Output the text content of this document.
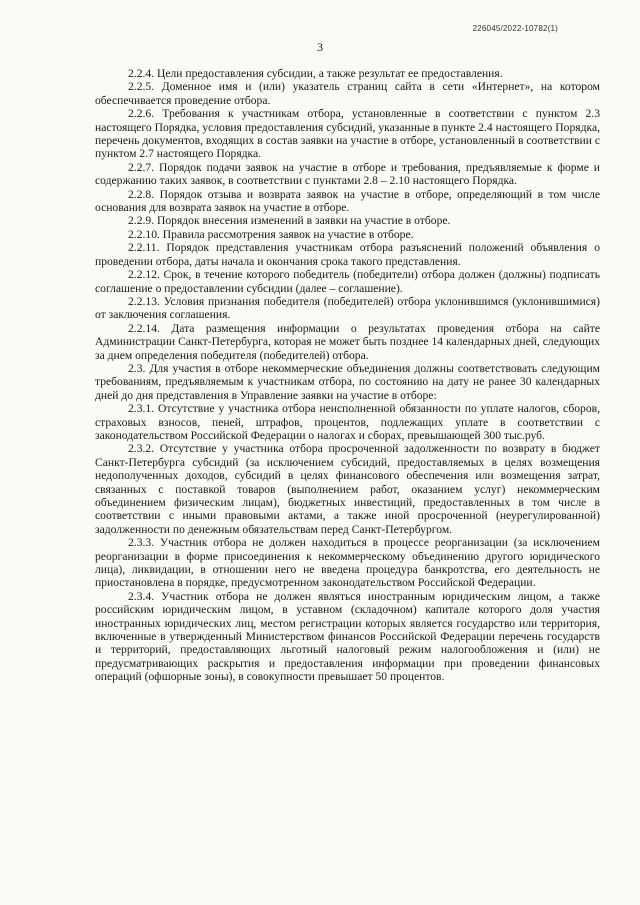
226045/2022-10782(1)
3

2.2.4. Цели предоставления субсидии, а также результат ее предоставления.

2.2.5. Доменное имя и (или) указатель страниц сайта в сети «Интернет», на котором обеспечивается проведение отбора.

2.2.6. Требования к участникам отбора, установленные в соответствии с пунктом 2.3 настоящего Порядка, условия предоставления субсидий, указанные в пункте 2.4 настоящего Порядка, перечень документов, входящих в состав заявки на участие в отборе, установленный в соответствии с пунктом 2.7 настоящего Порядка.

2.2.7. Порядок подачи заявок на участие в отборе и требования, предъявляемые к форме и содержанию таких заявок, в соответствии с пунктами 2.8 – 2.10 настоящего Порядка.

2.2.8. Порядок отзыва и возврата заявок на участие в отборе, определяющий в том числе основания для возврата заявок на участие в отборе.

2.2.9. Порядок внесения изменений в заявки на участие в отборе.

2.2.10. Правила рассмотрения заявок на участие в отборе.

2.2.11. Порядок представления участникам отбора разъяснений положений объявления о проведении отбора, даты начала и окончания срока такого представления.

2.2.12. Срок, в течение которого победитель (победители) отбора должен (должны) подписать соглашение о предоставлении субсидии (далее – соглашение).

2.2.13. Условия признания победителя (победителей) отбора уклонившимся (уклонившимися) от заключения соглашения.

2.2.14. Дата размещения информации о результатах проведения отбора на сайте Администрации Санкт-Петербурга, которая не может быть позднее 14 календарных дней, следующих за днем определения победителя (победителей) отбора.

2.3. Для участия в отборе некоммерческие объединения должны соответствовать следующим требованиям, предъявляемым к участникам отбора, по состоянию на дату не ранее 30 календарных дней до дня представления в Управление заявки на участие в отборе:

2.3.1. Отсутствие у участника отбора неисполненной обязанности по уплате налогов, сборов, страховых взносов, пеней, штрафов, процентов, подлежащих уплате в соответствии с законодательством Российской Федерации о налогах и сборах, превышающей 300 тыс.руб.

2.3.2. Отсутствие у участника отбора просроченной задолженности по возврату в бюджет Санкт-Петербурга субсидий (за исключением субсидий, предоставляемых в целях возмещения недополученных доходов, субсидий в целях финансового обеспечения или возмещения затрат, связанных с поставкой товаров (выполнением работ, оказанием услуг) некоммерческим объединением физическим лицам), бюджетных инвестиций, предоставленных в том числе в соответствии с иными правовыми актами, а также иной просроченной (неурегулированной) задолженности по денежным обязательствам перед Санкт-Петербургом.

2.3.3. Участник отбора не должен находиться в процессе реорганизации (за исключением реорганизации в форме присоединения к некоммерческому объединению другого юридического лица), ликвидации, в отношении него не введена процедура банкротства, его деятельность не приостановлена в порядке, предусмотренном законодательством Российской Федерации.

2.3.4. Участник отбора не должен являться иностранным юридическим лицом, а также российским юридическим лицом, в уставном (складочном) капитале которого доля участия иностранных юридических лиц, местом регистрации которых является государство или территория, включенные в утвержденный Министерством финансов Российской Федерации перечень государств и территорий, предоставляющих льготный налоговый режим налогообложения и (или) не предусматривающих раскрытия и предоставления информации при проведении финансовых операций (офшорные зоны), в совокупности превышает 50 процентов.
